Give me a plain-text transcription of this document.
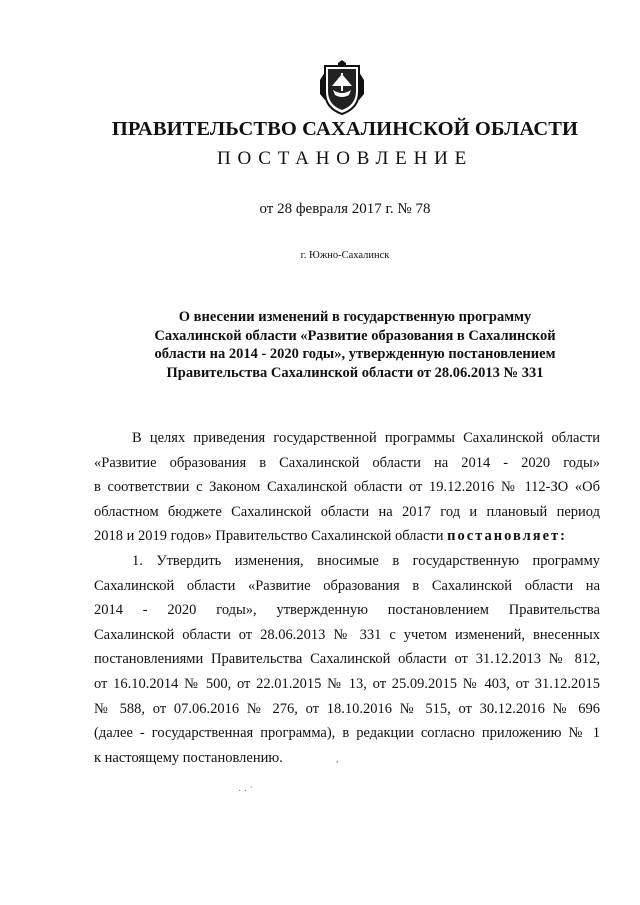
ПРАВИТЕЛЬСТВО САХАЛИНСКОЙ ОБЛАСТИ
ПОСТАНОВЛЕНИЕ
от 28 февраля 2017 г. № 78
г. Южно-Сахалинск
О внесении изменений в государственную программу
Сахалинской области «Развитие образования в Сахалинской
области на 2014 - 2020 годы», утвержденную постановлением
Правительства Сахалинской области от 28.06.2013 № 331
В целях приведения государственной программы Сахалинской области
«Развитие образования в Сахалинской области на 2014 - 2020 годы»
в соответствии с Законом Сахалинской области от 19.12.2016 № 112-ЗО «Об
областном бюджете Сахалинской области на 2017 год и плановый период
2018 и 2019 годов» Правительство Сахалинской области постановляет:
1. Утвердить изменения, вносимые в государственную программу
Сахалинской области «Развитие образования в Сахалинской области на
2014 - 2020 годы», утвержденную постановлением Правительства
Сахалинской области от 28.06.2013 № 331 с учетом изменений, внесенных
постановлениями Правительства Сахалинской области от 31.12.2013 № 812,
от 16.10.2014 № 500, от 22.01.2015 № 13, от 25.09.2015 № 403, от 31.12.2015
№ 588, от 07.06.2016 № 276, от 18.10.2016 № 515, от 30.12.2016 № 696
(далее - государственная программа), в редакции согласно приложению № 1
к настоящему постановлению.	,
· · ˋ
